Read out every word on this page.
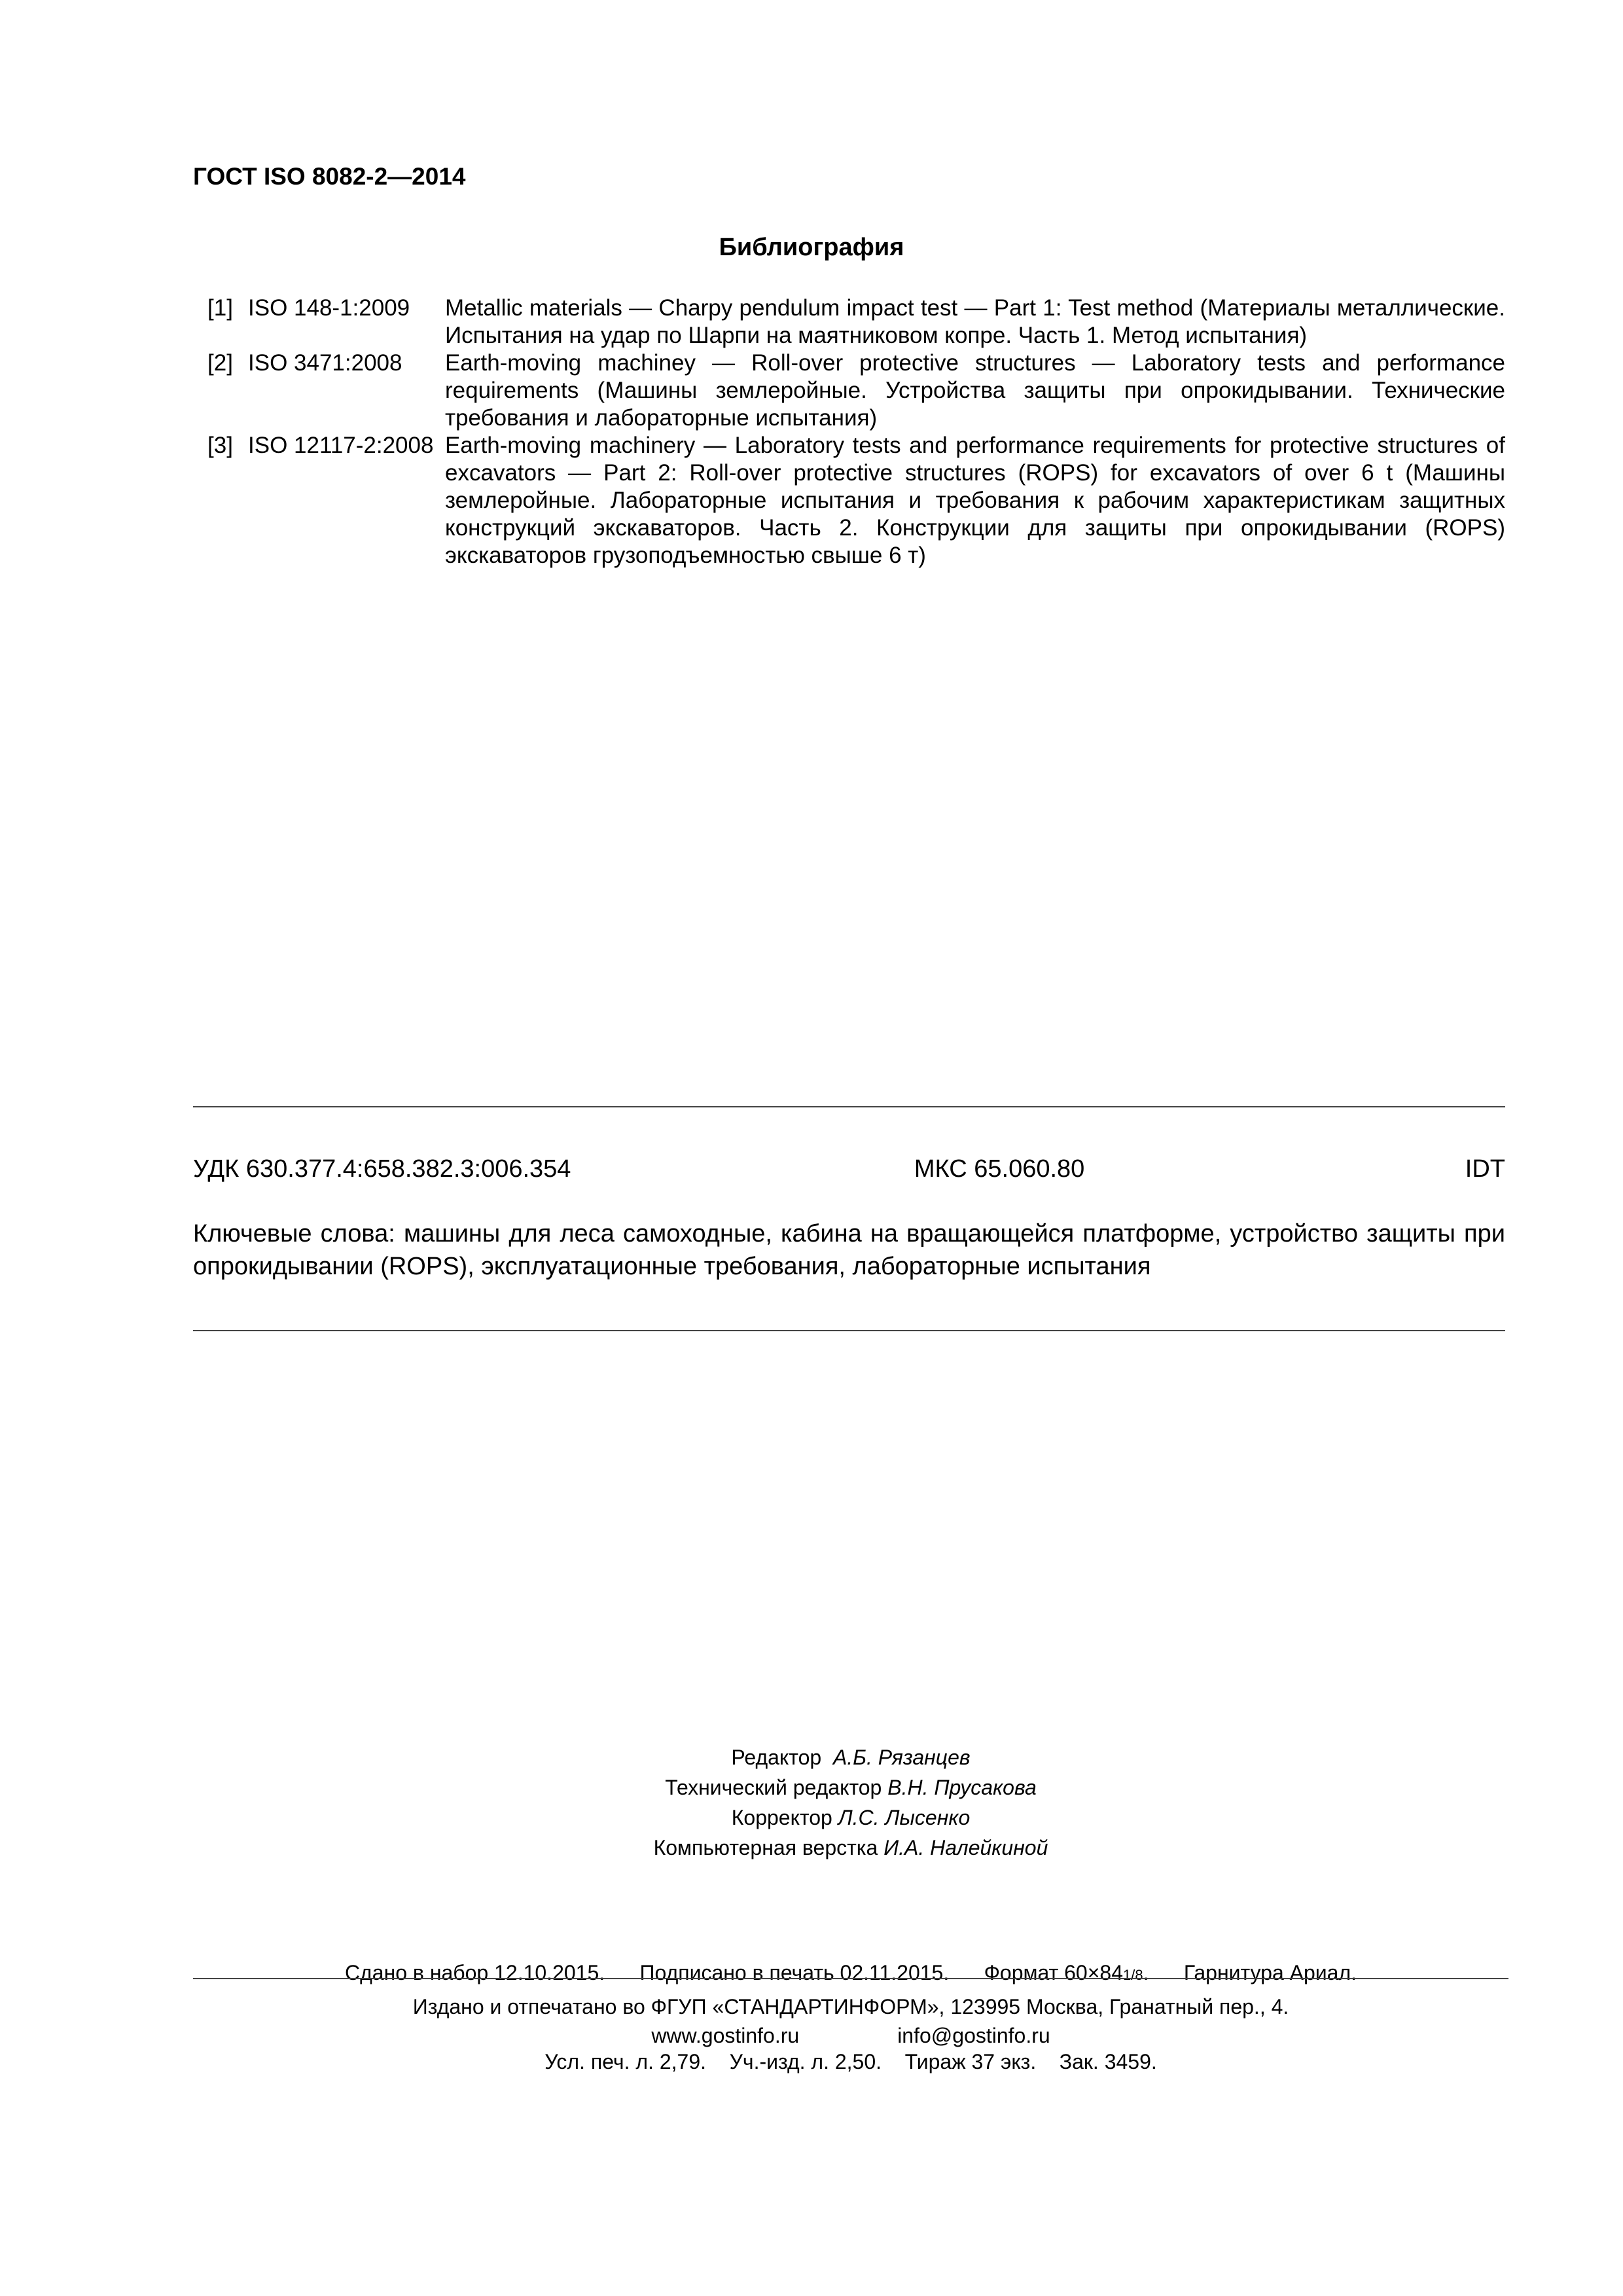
ГОСТ ISO 8082-2—2014
Библиография
[1] ISO 148-1:2009	Metallic materials — Charpy pendulum impact test — Part 1: Test method (Материалы металлические. Испытания на удар по Шарпи на маятниковом копре. Часть 1. Метод испытания)
[2] ISO 3471:2008	Earth-moving machiney — Roll-over protective structures — Laboratory tests and performance requirements (Машины землеройные. Устройства защиты при опрокидывании. Технические требования и лабораторные испытания)
[3] ISO 12117-2:2008 Earth-moving machinery — Laboratory tests and performance requirements for protective structures of excavators — Part 2: Roll-over protective structures (ROPS) for excavators of over 6 t (Машины землеройные. Лабораторные испытания и требования к рабочим характеристикам защитных конструкций экскаваторов. Часть 2. Конструкции для защиты при опрокидывании (ROPS) экскаваторов грузоподъемностью свыше 6 т)
УДК 630.377.4:658.382.3:006.354	МКС 65.060.80	IDT
Ключевые слова: машины для леса самоходные, кабина на вращающейся платформе, устройство защиты при опрокидывании (ROPS), эксплуатационные требования, лабораторные испытания
Редактор А.Б. Рязанцев
Технический редактор В.Н. Прусакова
Корректор Л.С. Лысенко
Компьютерная верстка И.А. Налейкиной

Сдано в набор 12.10.2015. Подписано в печать 02.11.2015. Формат 60×841/8.      Гарнитура Ариал.

Усл. печ. л. 2,79. Уч.-изд. л. 2,50. Тираж 37 экз. Зак. 3459.

Издано и отпечатано во ФГУП «СТАНДАРТИНФОРМ», 123995 Москва, Гранатный пер., 4.
www.gostinfo.ru	info@gostinfo.ru
